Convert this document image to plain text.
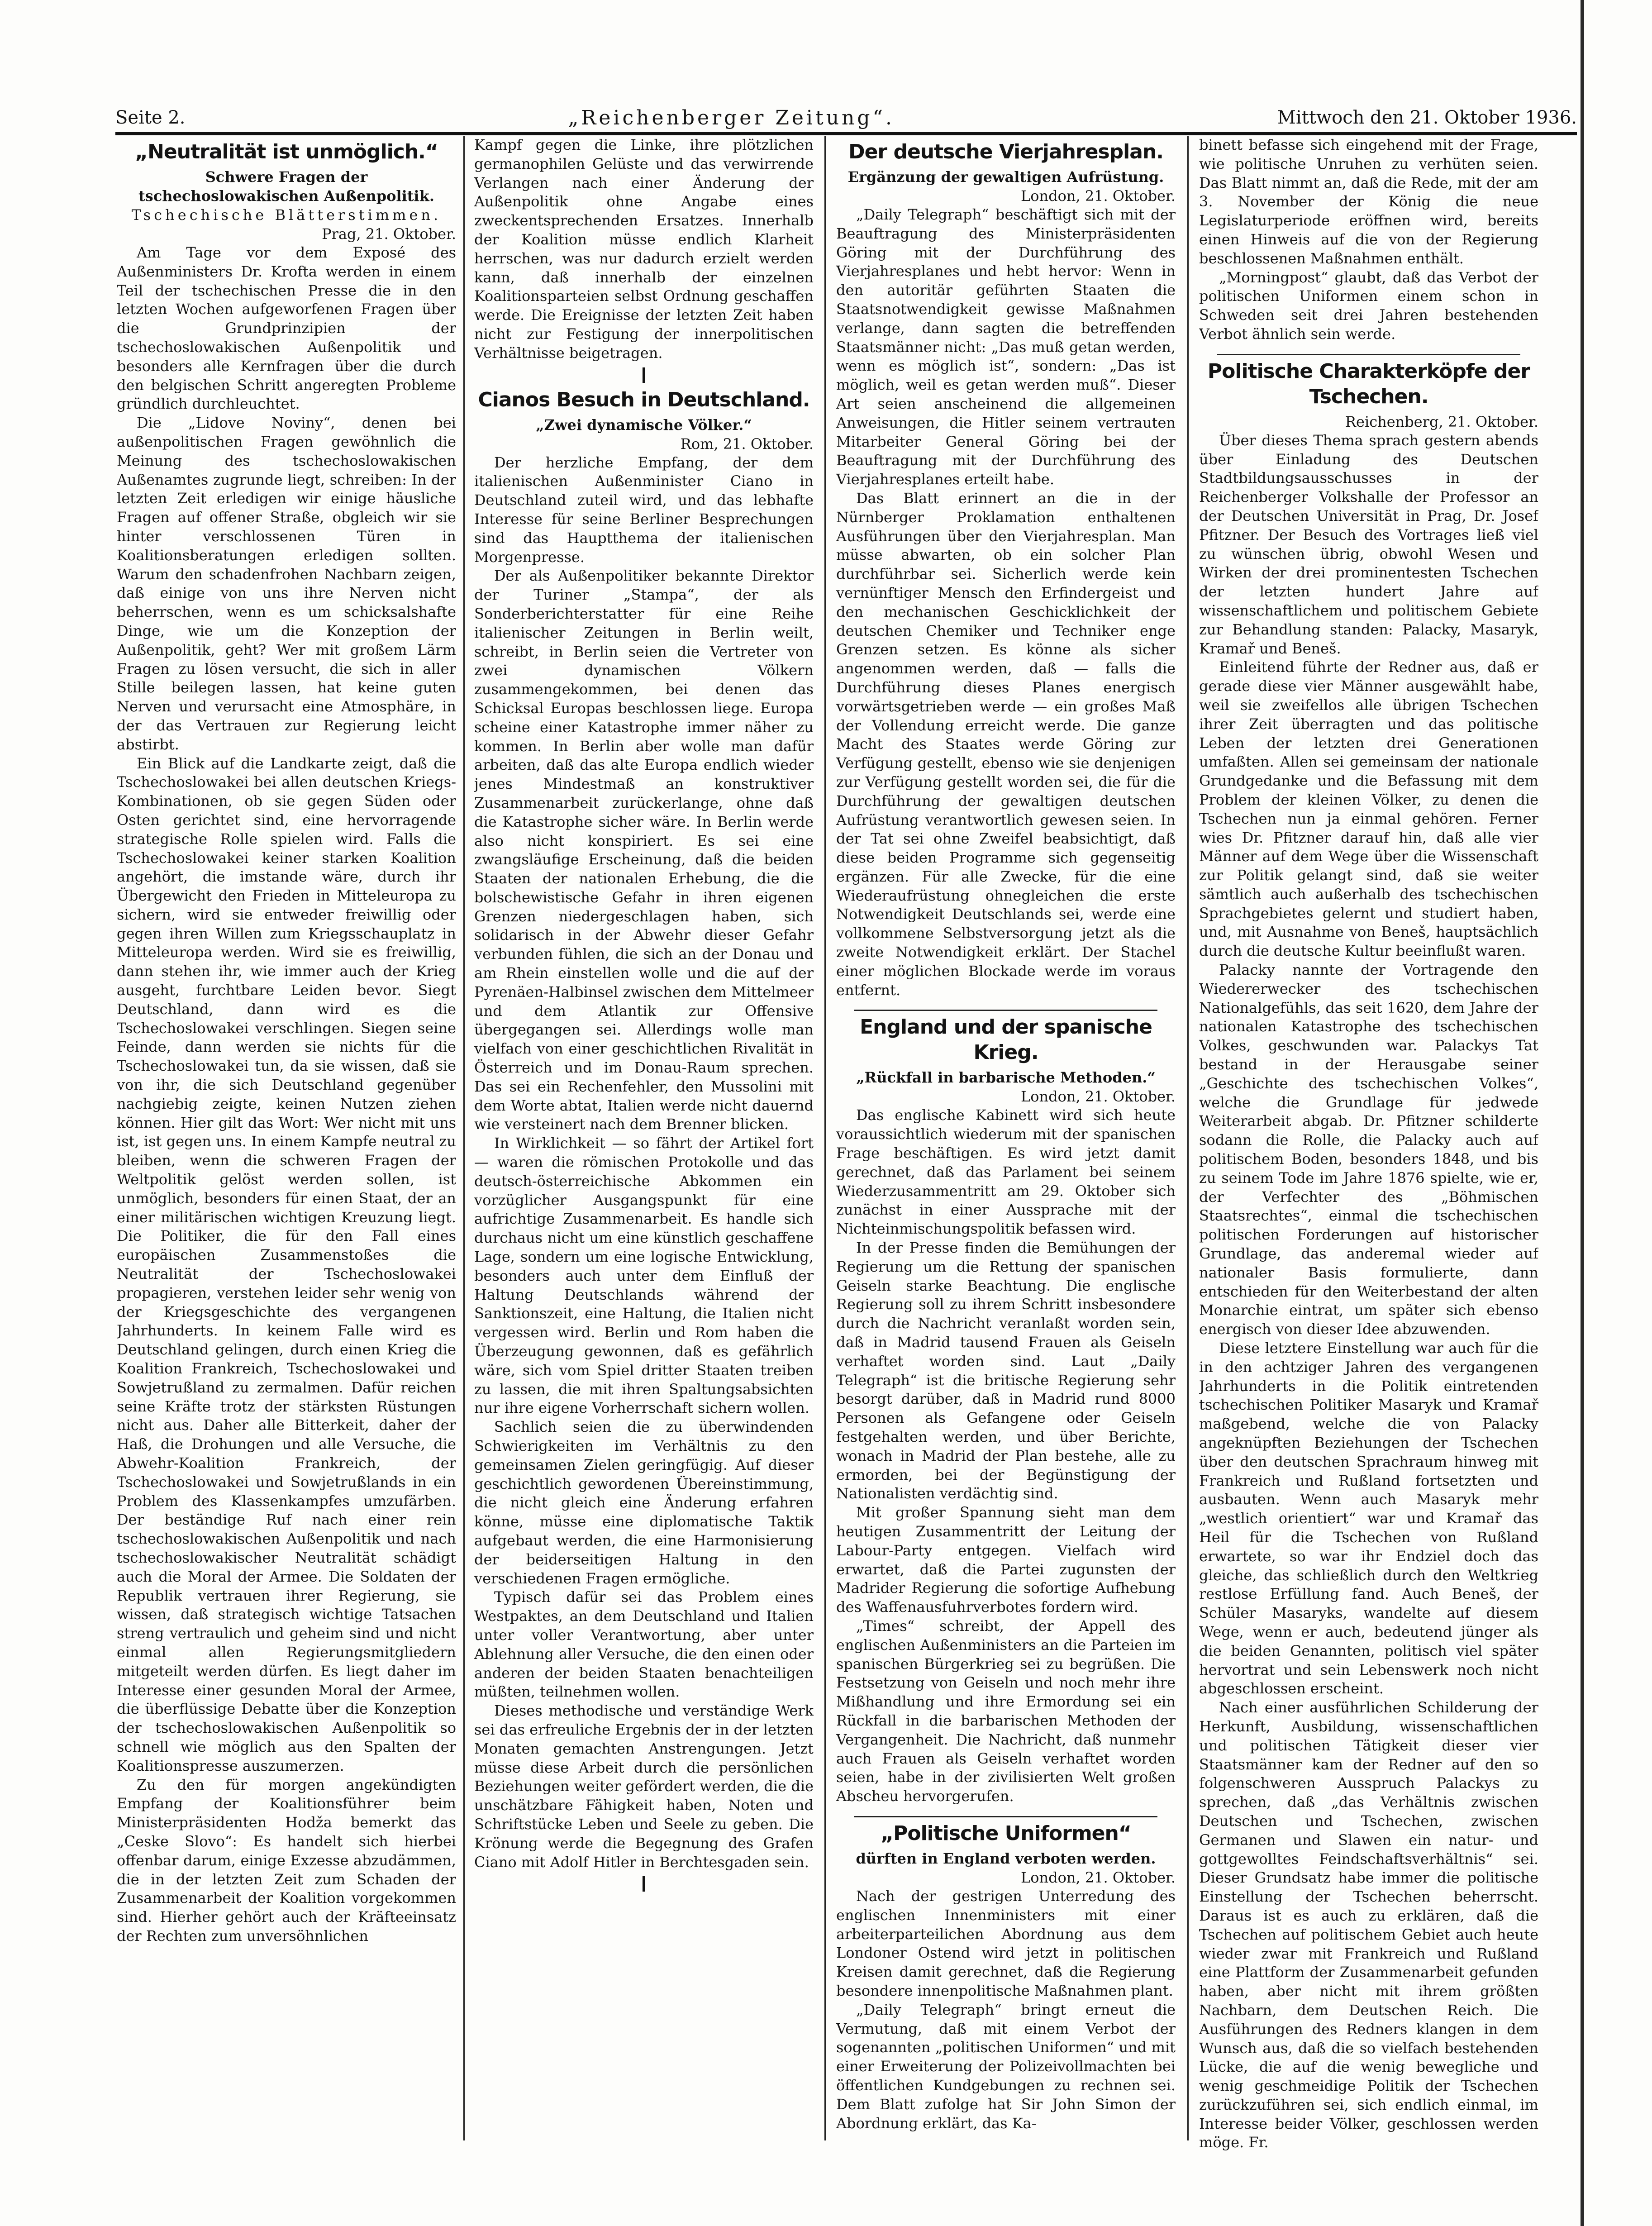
Seite 2.	„Reichenberger Zeitung“.	Mittwoch den 21. Oktober 1936.
„Neutralität ist unmöglich.“
Schwere Fragen der tschechoslowakischen Außenpolitik.
Tschechische Blätterstimmen.
Prag, 21. Oktober.
Am Tage vor dem Exposé des Außenministers Dr. Krofta werden in einem Teil der tschechischen Presse die in den letzten Wochen aufgeworfenen Fragen über die Grundprinzipien der tschechoslowakischen Außenpolitik und besonders alle Kernfragen über die durch den belgischen Schritt angeregten Probleme gründlich durchleuchtet.
Die „Lidove Noviny“, denen bei außenpolitischen Fragen gewöhnlich die Meinung des tschechoslowakischen Außenamtes zugrunde liegt, schreiben: In der letzten Zeit erledigen wir einige häusliche Fragen auf offener Straße, obgleich wir sie hinter verschlossenen Türen in Koalitionsberatungen erledigen sollten. Warum den schadenfrohen Nachbarn zeigen, daß einige von uns ihre Nerven nicht beherrschen, wenn es um schicksalshafte Dinge, wie um die Konzeption der Außenpolitik, geht? Wer mit großem Lärm Fragen zu lösen versucht, die sich in aller Stille beilegen lassen, hat keine guten Nerven und verursacht eine Atmosphäre, in der das Vertrauen zur Regierung leicht abstirbt.
Ein Blick auf die Landkarte zeigt, daß die Tschechoslowakei bei allen deutschen Kriegs-Kombinationen, ob sie gegen Süden oder Osten gerichtet sind, eine hervorragende strategische Rolle spielen wird. Falls die Tschechoslowakei keiner starken Koalition angehört, die imstande wäre, durch ihr Übergewicht den Frieden in Mitteleuropa zu sichern, wird sie entweder freiwillig oder gegen ihren Willen zum Kriegsschauplatz in Mitteleuropa werden. Wird sie es freiwillig, dann stehen ihr, wie immer auch der Krieg ausgeht, furchtbare Leiden bevor. Siegt Deutschland, dann wird es die Tschechoslowakei verschlingen. Siegen seine Feinde, dann werden sie nichts für die Tschechoslowakei tun, da sie wissen, daß sie von ihr, die sich Deutschland gegenüber nachgiebig zeigte, keinen Nutzen ziehen können. Hier gilt das Wort: Wer nicht mit uns ist, ist gegen uns. In einem Kampfe neutral zu bleiben, wenn die schweren Fragen der Weltpolitik gelöst werden sollen, ist unmöglich, besonders für einen Staat, der an einer militärischen wichtigen Kreuzung liegt. Die Politiker, die für den Fall eines europäischen Zusammenstoßes die Neutralität der Tschechoslowakei propagieren, verstehen leider sehr wenig von der Kriegsgeschichte des vergangenen Jahrhunderts. In keinem Falle wird es Deutschland gelingen, durch einen Krieg die Koalition Frankreich, Tschechoslowakei und Sowjetrußland zu zermalmen. Dafür reichen seine Kräfte trotz der stärksten Rüstungen nicht aus. Daher alle Bitterkeit, daher der Haß, die Drohungen und alle Versuche, die Abwehr-Koalition Frankreich, der Tschechoslowakei und Sowjetrußlands in ein Problem des Klassenkampfes umzufärben. Der beständige Ruf nach einer rein tschechoslowakischen Außenpolitik und nach tschechoslowakischer Neutralität schädigt auch die Moral der Armee. Die Soldaten der Republik vertrauen ihrer Regierung, sie wissen, daß strategisch wichtige Tatsachen streng vertraulich und geheim sind und nicht einmal allen Regierungsmitgliedern mitgeteilt werden dürfen. Es liegt daher im Interesse einer gesunden Moral der Armee, die überflüssige Debatte über die Konzeption der tschechoslowakischen Außenpolitik so schnell wie möglich aus den Spalten der Koalitionspresse auszumerzen.
Zu den für morgen angekündigten Empfang der Koalitionsführer beim Ministerpräsidenten Hodža bemerkt das „Ceske Slovo“: Es handelt sich hierbei offenbar darum, einige Exzesse abzudämmen, die in der letzten Zeit zum Schaden der Zusammenarbeit der Koalition vorgekommen sind. Hierher gehört auch der Kräfteeinsatz der Rechten zum unversöhnlichen
Kampf gegen die Linke, ihre plötzlichen germanophilen Gelüste und das verwirrende Verlangen nach einer Änderung der Außenpolitik ohne Angabe eines zweckentsprechenden Ersatzes. Innerhalb der Koalition müsse endlich Klarheit herrschen, was nur dadurch erzielt werden kann, daß innerhalb der einzelnen Koalitionsparteien selbst Ordnung geschaffen werde. Die Ereignisse der letzten Zeit haben nicht zur Festigung der innerpolitischen Verhältnisse beigetragen.
Cianos Besuch in Deutschland.
„Zwei dynamische Völker.“
Rom, 21. Oktober.
Der herzliche Empfang, der dem italienischen Außenminister Ciano in Deutschland zuteil wird, und das lebhafte Interesse für seine Berliner Besprechungen sind das Hauptthema der italienischen Morgenpresse.
Der als Außenpolitiker bekannte Direktor der Turiner „Stampa“, der als Sonderberichterstatter für eine Reihe italienischer Zeitungen in Berlin weilt, schreibt, in Berlin seien die Vertreter von zwei dynamischen Völkern zusammengekommen, bei denen das Schicksal Europas beschlossen liege. Europa scheine einer Katastrophe immer näher zu kommen. In Berlin aber wolle man dafür arbeiten, daß das alte Europa endlich wieder jenes Mindestmaß an konstruktiver Zusammenarbeit zurückerlange, ohne daß die Katastrophe sicher wäre. In Berlin werde also nicht konspiriert. Es sei eine zwangsläufige Erscheinung, daß die beiden Staaten der nationalen Erhebung, die die bolschewistische Gefahr in ihren eigenen Grenzen niedergeschlagen haben, sich solidarisch in der Abwehr dieser Gefahr verbunden fühlen, die sich an der Donau und am Rhein einstellen wolle und die auf der Pyrenäen-Halbinsel zwischen dem Mittelmeer und dem Atlantik zur Offensive übergegangen sei. Allerdings wolle man vielfach von einer geschichtlichen Rivalität in Österreich und im Donau-Raum sprechen. Das sei ein Rechenfehler, den Mussolini mit dem Worte abtat, Italien werde nicht dauernd wie versteinert nach dem Brenner blicken.
In Wirklichkeit — so fährt der Artikel fort — waren die römischen Protokolle und das deutsch-österreichische Abkommen ein vorzüglicher Ausgangspunkt für eine aufrichtige Zusammenarbeit. Es handle sich durchaus nicht um eine künstlich geschaffene Lage, sondern um eine logische Entwicklung, besonders auch unter dem Einfluß der Haltung Deutschlands während der Sanktionszeit, eine Haltung, die Italien nicht vergessen wird. Berlin und Rom haben die Überzeugung gewonnen, daß es gefährlich wäre, sich vom Spiel dritter Staaten treiben zu lassen, die mit ihren Spaltungsabsichten nur ihre eigene Vorherrschaft sichern wollen.
Sachlich seien die zu überwindenden Schwierigkeiten im Verhältnis zu den gemeinsamen Zielen geringfügig. Auf dieser geschichtlich gewordenen Übereinstimmung, die nicht gleich eine Änderung erfahren könne, müsse eine diplomatische Taktik aufgebaut werden, die eine Harmonisierung der beiderseitigen Haltung in den verschiedenen Fragen ermögliche.
Typisch dafür sei das Problem eines Westpaktes, an dem Deutschland und Italien unter voller Verantwortung, aber unter Ablehnung aller Versuche, die den einen oder anderen der beiden Staaten benachteiligen müßten, teilnehmen wollen.
Dieses methodische und verständige Werk sei das erfreuliche Ergebnis der in der letzten Monaten gemachten Anstrengungen. Jetzt müsse diese Arbeit durch die persönlichen Beziehungen weiter gefördert werden, die die unschätzbare Fähigkeit haben, Noten und Schriftstücke Leben und Seele zu geben. Die Krönung werde die Begegnung des Grafen Ciano mit Adolf Hitler in Berchtesgaden sein.
Der deutsche Vierjahresplan.
Ergänzung der gewaltigen Aufrüstung.
London, 21. Oktober.
„Daily Telegraph“ beschäftigt sich mit der Beauftragung des Ministerpräsidenten Göring mit der Durchführung des Vierjahresplanes und hebt hervor: Wenn in den autoritär geführten Staaten die Staatsnotwendigkeit gewisse Maßnahmen verlange, dann sagten die betreffenden Staatsmänner nicht: „Das muß getan werden, wenn es möglich ist“, sondern: „Das ist möglich, weil es getan werden muß“. Dieser Art seien anscheinend die allgemeinen Anweisungen, die Hitler seinem vertrauten Mitarbeiter General Göring bei der Beauftragung mit der Durchführung des Vierjahresplanes erteilt habe.
Das Blatt erinnert an die in der Nürnberger Proklamation enthaltenen Ausführungen über den Vierjahresplan. Man müsse abwarten, ob ein solcher Plan durchführbar sei. Sicherlich werde kein vernünftiger Mensch den Erfindergeist und den mechanischen Geschicklichkeit der deutschen Chemiker und Techniker enge Grenzen setzen. Es könne als sicher angenommen werden, daß — falls die Durchführung dieses Planes energisch vorwärtsgetrieben werde — ein großes Maß der Vollendung erreicht werde. Die ganze Macht des Staates werde Göring zur Verfügung gestellt, ebenso wie sie denjenigen zur Verfügung gestellt worden sei, die für die Durchführung der gewaltigen deutschen Aufrüstung verantwortlich gewesen seien. In der Tat sei ohne Zweifel beabsichtigt, daß diese beiden Programme sich gegenseitig ergänzen. Für alle Zwecke, für die eine Wiederaufrüstung ohnegleichen die erste Notwendigkeit Deutschlands sei, werde eine vollkommene Selbstversorgung jetzt als die zweite Notwendigkeit erklärt. Der Stachel einer möglichen Blockade werde im voraus entfernt.
England und der spanische Krieg.
„Rückfall in barbarische Methoden.“
London, 21. Oktober.
Das englische Kabinett wird sich heute voraussichtlich wiederum mit der spanischen Frage beschäftigen. Es wird jetzt damit gerechnet, daß das Parlament bei seinem Wiederzusammentritt am 29. Oktober sich zunächst in einer Aussprache mit der Nichteinmischungspolitik befassen wird.
In der Presse finden die Bemühungen der Regierung um die Rettung der spanischen Geiseln starke Beachtung. Die englische Regierung soll zu ihrem Schritt insbesondere durch die Nachricht veranlaßt worden sein, daß in Madrid tausend Frauen als Geiseln verhaftet worden sind. Laut „Daily Telegraph“ ist die britische Regierung sehr besorgt darüber, daß in Madrid rund 8000 Personen als Gefangene oder Geiseln festgehalten werden, und über Berichte, wonach in Madrid der Plan bestehe, alle zu ermorden, bei der Begünstigung der Nationalisten verdächtig sind.
Mit großer Spannung sieht man dem heutigen Zusammentritt der Leitung der Labour-Party entgegen. Vielfach wird erwartet, daß die Partei zugunsten der Madrider Regierung die sofortige Aufhebung des Waffenausfuhrverbotes fordern wird.
„Times“ schreibt, der Appell des englischen Außenministers an die Parteien im spanischen Bürgerkrieg sei zu begrüßen. Die Festsetzung von Geiseln und noch mehr ihre Mißhandlung und ihre Ermordung sei ein Rückfall in die barbarischen Methoden der Vergangenheit. Die Nachricht, daß nunmehr auch Frauen als Geiseln verhaftet worden seien, habe in der zivilisierten Welt großen Abscheu hervorgerufen.
„Politische Uniformen“
dürften in England verboten werden.
London, 21. Oktober.
Nach der gestrigen Unterredung des englischen Innenministers mit einer arbeiterparteilichen Abordnung aus dem Londoner Ostend wird jetzt in politischen Kreisen damit gerechnet, daß die Regierung besondere innenpolitische Maßnahmen plant.
„Daily Telegraph“ bringt erneut die Vermutung, daß mit einem Verbot der sogenannten „politischen Uniformen“ und mit einer Erweiterung der Polizeivollmachten bei öffentlichen Kundgebungen zu rechnen sei. Dem Blatt zufolge hat Sir John Simon der Abordnung erklärt, das Ka-
binett befasse sich eingehend mit der Frage, wie politische Unruhen zu verhüten seien. Das Blatt nimmt an, daß die Rede, mit der am 3. November der König die neue Legislaturperiode eröffnen wird, bereits einen Hinweis auf die von der Regierung beschlossenen Maßnahmen enthält.
„Morningpost“ glaubt, daß das Verbot der politischen Uniformen einem schon in Schweden seit drei Jahren bestehenden Verbot ähnlich sein werde.
Politische Charakterköpfe der Tschechen.
Reichenberg, 21. Oktober.
Über dieses Thema sprach gestern abends über Einladung des Deutschen Stadtbildungsausschusses in der Reichenberger Volkshalle der Professor an der Deutschen Universität in Prag, Dr. Josef Pfitzner. Der Besuch des Vortrages ließ viel zu wünschen übrig, obwohl Wesen und Wirken der drei prominentesten Tschechen der letzten hundert Jahre auf wissenschaftlichem und politischem Gebiete zur Behandlung standen: Palacky, Masaryk, Kramař und Beneš.
Einleitend führte der Redner aus, daß er gerade diese vier Männer ausgewählt habe, weil sie zweifellos alle übrigen Tschechen ihrer Zeit überragten und das politische Leben der letzten drei Generationen umfaßten. Allen sei gemeinsam der nationale Grundgedanke und die Befassung mit dem Problem der kleinen Völker, zu denen die Tschechen nun ja einmal gehören. Ferner wies Dr. Pfitzner darauf hin, daß alle vier Männer auf dem Wege über die Wissenschaft zur Politik gelangt sind, daß sie weiter sämtlich auch außerhalb des tschechischen Sprachgebietes gelernt und studiert haben, und, mit Ausnahme von Beneš, hauptsächlich durch die deutsche Kultur beeinflußt waren.
Palacky nannte der Vortragende den Wiedererwecker des tschechischen Nationalgefühls, das seit 1620, dem Jahre der nationalen Katastrophe des tschechischen Volkes, geschwunden war. Palackys Tat bestand in der Herausgabe seiner „Geschichte des tschechischen Volkes“, welche die Grundlage für jedwede Weiterarbeit abgab. Dr. Pfitzner schilderte sodann die Rolle, die Palacky auch auf politischem Boden, besonders 1848, und bis zu seinem Tode im Jahre 1876 spielte, wie er, der Verfechter des „Böhmischen Staatsrechtes“, einmal die tschechischen politischen Forderungen auf historischer Grundlage, das anderemal wieder auf nationaler Basis formulierte, dann entschieden für den Weiterbestand der alten Monarchie eintrat, um später sich ebenso energisch von dieser Idee abzuwenden.
Diese letztere Einstellung war auch für die in den achtziger Jahren des vergangenen Jahrhunderts in die Politik eintretenden tschechischen Politiker Masaryk und Kramař maßgebend, welche die von Palacky angeknüpften Beziehungen der Tschechen über den deutschen Sprachraum hinweg mit Frankreich und Rußland fortsetzten und ausbauten. Wenn auch Masaryk mehr „westlich orientiert“ war und Kramař das Heil für die Tschechen von Rußland erwartete, so war ihr Endziel doch das gleiche, das schließlich durch den Weltkrieg restlose Erfüllung fand. Auch Beneš, der Schüler Masaryks, wandelte auf diesem Wege, wenn er auch, bedeutend jünger als die beiden Genannten, politisch viel später hervortrat und sein Lebenswerk noch nicht abgeschlossen erscheint.
Nach einer ausführlichen Schilderung der Herkunft, Ausbildung, wissenschaftlichen und politischen Tätigkeit dieser vier Staatsmänner kam der Redner auf den so folgenschweren Ausspruch Palackys zu sprechen, daß „das Verhältnis zwischen Deutschen und Tschechen, zwischen Germanen und Slawen ein natur- und gottgewolltes Feindschaftsverhältnis“ sei. Dieser Grundsatz habe immer die politische Einstellung der Tschechen beherrscht. Daraus ist es auch zu erklären, daß die Tschechen auf politischem Gebiet auch heute wieder zwar mit Frankreich und Rußland eine Plattform der Zusammenarbeit gefunden haben, aber nicht mit ihrem größten Nachbarn, dem Deutschen Reich. Die Ausführungen des Redners klangen in dem Wunsch aus, daß die so vielfach bestehenden Lücke, die auf die wenig bewegliche und wenig geschmeidige Politik der Tschechen zurückzuführen sei, sich endlich einmal, im Interesse beider Völker, geschlossen werden möge. Fr.
